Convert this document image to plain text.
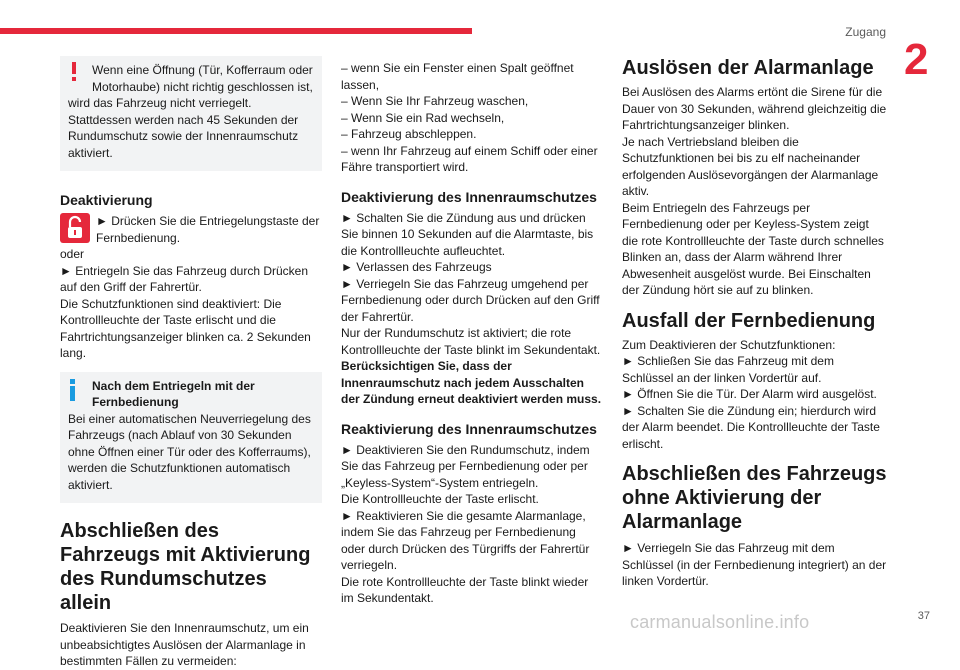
Zugang
2

Wenn eine Öffnung (Tür, Kofferraum oder

Motorhaube) nicht richtig geschlossen ist,

wird das Fahrzeug nicht verriegelt. Stattdessen werden nach 45 Sekunden der Rundumschutz sowie der Innenraumschutz aktiviert.

Deaktivierung

► Drücken Sie die Entriegelungstaste der Fernbedienung.

oder

► Entriegeln Sie das Fahrzeug durch Drücken auf den Griff der Fahrertür.

Die Schutzfunktionen sind deaktiviert: Die Kontrollleuchte der Taste erlischt und die Fahrtrichtungsanzeiger blinken ca. 2 Sekunden lang.

Nach dem Entriegeln mit der Fernbedienung

Bei einer automatischen Neuverriegelung des Fahrzeugs (nach Ablauf von 30 Sekunden ohne Öffnen einer Tür oder des Kofferraums), werden die Schutzfunktionen automatisch aktiviert.

Abschließen des Fahrzeugs mit Aktivierung des Rundumschutzes allein

Deaktivieren Sie den Innenraumschutz, um ein unbeabsichtigtes Auslösen der Alarmanlage in bestimmten Fällen zu vermeiden:

– wenn Sie ein Fenster einen Spalt geöffnet lassen,

– Wenn Sie Ihr Fahrzeug waschen,

– Wenn Sie ein Rad wechseln,

– Fahrzeug abschleppen.

– wenn Ihr Fahrzeug auf einem Schiff oder einer Fähre transportiert wird.

Deaktivierung des Innenraumschutzes

► Schalten Sie die Zündung aus und drücken Sie binnen 10 Sekunden auf die Alarmtaste, bis die Kontrollleuchte aufleuchtet.

► Verlassen des Fahrzeugs

► Verriegeln Sie das Fahrzeug umgehend per Fernbedienung oder durch Drücken auf den Griff der Fahrertür.

Nur der Rundumschutz ist aktiviert; die rote Kontrollleuchte der Taste blinkt im Sekundentakt.

Berücksichtigen Sie, dass der Innenraumschutz nach jedem Ausschalten der Zündung erneut deaktiviert werden muss.

Reaktivierung des Innenraumschutzes

► Deaktivieren Sie den Rundumschutz, indem Sie das Fahrzeug per Fernbedienung oder per „Keyless-System“-System entriegeln.

Die Kontrollleuchte der Taste erlischt.

► Reaktivieren Sie die gesamte Alarmanlage, indem Sie das Fahrzeug per Fernbedienung oder durch Drücken des Türgriffs der Fahrertür verriegeln.

Die rote Kontrollleuchte der Taste blinkt wieder im Sekundentakt.

Auslösen der Alarmanlage

Bei Auslösen des Alarms ertönt die Sirene für die Dauer von 30 Sekunden, während gleichzeitig die Fahrtrichtungsanzeiger blinken.

Je nach Vertriebsland bleiben die Schutzfunktionen bei bis zu elf nacheinander erfolgenden Auslösevorgängen der Alarmanlage aktiv.

Beim Entriegeln des Fahrzeugs per Fernbedienung oder per Keyless-System zeigt die rote Kontrollleuchte der Taste durch schnelles Blinken an, dass der Alarm während Ihrer Abwesenheit ausgelöst wurde. Bei Einschalten der Zündung hört sie auf zu blinken.

Ausfall der Fernbedienung

Zum Deaktivieren der Schutzfunktionen:

► Schließen Sie das Fahrzeug mit dem Schlüssel an der linken Vordertür auf.

► Öffnen Sie die Tür. Der Alarm wird ausgelöst.

► Schalten Sie die Zündung ein; hierdurch wird der Alarm beendet. Die Kontrollleuchte der Taste erlischt.

Abschließen des Fahrzeugs ohne Aktivierung der Alarmanlage

► Verriegeln Sie das Fahrzeug mit dem Schlüssel (in der Fernbedienung integriert) an der linken Vordertür.

carmanualsonline.info	37
